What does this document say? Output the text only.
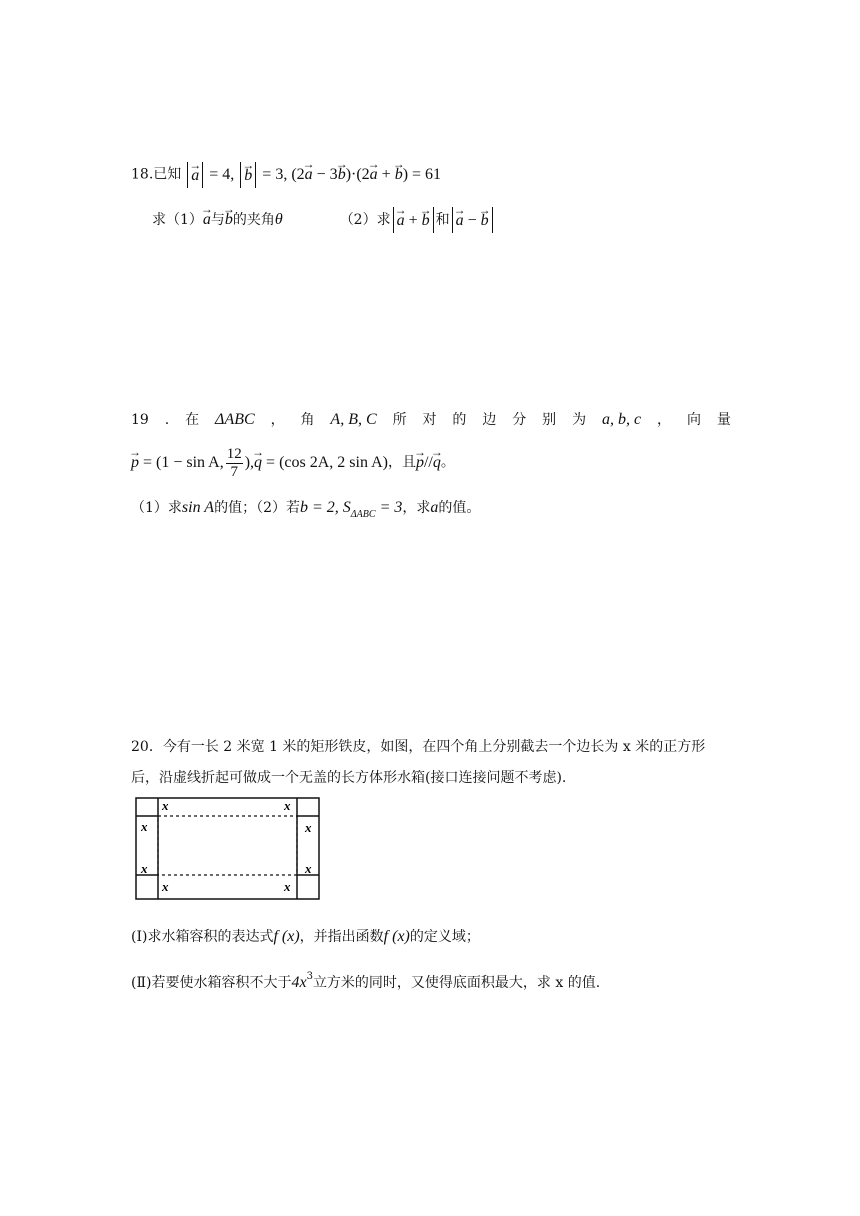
18.已知 → a = 4, → b = 3, (2→ a − 3→ b)·(2→ a + → b) = 61
求（1）→ a与→ b的夹角θ	（2）求 → a + → b 和 → a − → b
19 . 在 ΔABC ， 角 A, B, C 所 对 的 边 分 别 为 a, b, c ， 向 量
→ p = (1 − sin A, $\frac{12}{7}$ ),→ q = (cos 2A, 2 sin A)，且→ p//→ q。
（1）求sin A的值；（2）若b = 2, $S_{\Delta ABC} = 3$，求a的值。
20．今有一长 2 米宽 1 米的矩形铁皮，如图，在四个角上分别截去一个边长为 x 米的正方形
后，沿虚线折起可做成一个无盖的长方体形水箱(接口连接问题不考虑).
x	x
x	x
x	x
x	x
(Ⅰ)求水箱容积的表达式f (x)，并指出函数f (x)的定义域；
(Ⅱ)若要使水箱容积不大于$4x^3$立方米的同时，又使得底面积最大，求 x 的值.
